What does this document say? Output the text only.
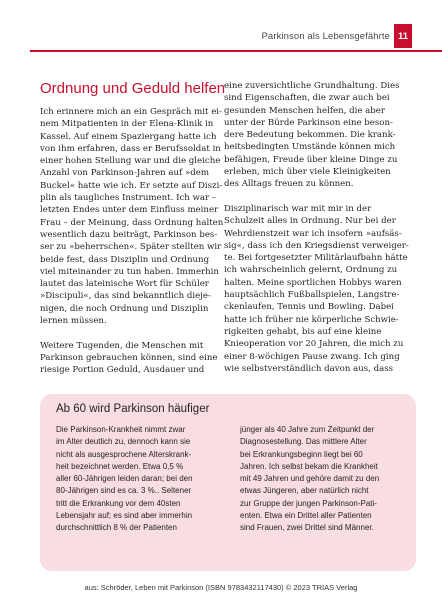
Parkinson als Lebensgefährte 11
Ordnung und Geduld helfen

Ich erinnere mich an ein Gespräch mit ei-
nem Mitpatienten in der Elena-Klinik in
Kassel. Auf einem Spaziergang hatte ich
von ihm erfahren, dass er Berufssoldat in
einer hohen Stellung war und die gleiche
Anzahl von Parkinson-Jahren auf »dem
Buckel« hatte wie ich. Er setzte auf Diszi-
plin als taugliches Instrument. Ich war –
letzten Endes unter dem Einfluss meiner
Frau – der Meinung, dass Ordnung halten
wesentlich dazu beiträgt, Parkinson bes-
ser zu »beherrschen«. Später stellten wir
beide fest, dass Disziplin und Ordnung
viel miteinander zu tun haben. Immerhin
lautet das lateinische Wort für Schüler
»Discipuli«, das sind bekanntlich dieje-
nigen, die noch Ordnung und Disziplin
lernen müssen.

Weitere Tugenden, die Menschen mit
Parkinson gebrauchen können, sind eine
riesige Portion Geduld, Ausdauer und

eine zuversichtliche Grundhaltung. Dies
sind Eigenschaften, die zwar auch bei
gesunden Menschen helfen, die aber
unter der Bürde Parkinson eine beson-
dere Bedeutung bekommen. Die krank-
heitsbedingten Umstände können mich
befähigen, Freude über kleine Dinge zu
erleben, mich über viele Kleinigkeiten
des Alltags freuen zu können.

Disziplinarisch war mit mir in der
Schulzeit alles in Ordnung. Nur bei der
Wehrdienstzeit war ich insofern »aufsäs-
sig«, dass ich den Kriegsdienst verweiger-
te. Bei fortgesetzter Militärlaufbahn hätte
ich wahrscheinlich gelernt, Ordnung zu
halten. Meine sportlichen Hobbys waren
hauptsächlich Fußballspielen, Langstre-
ckenlaufen, Tennis und Bowling. Dabei
hatte ich früher nie körperliche Schwie-
rigkeiten gehabt, bis auf eine kleine
Knieoperation vor 20 Jahren, die mich zu
einer 8-wöchigen Pause zwang. Ich ging
wie selbstverständlich davon aus, dass

Ab 60 wird Parkinson häufiger
Die Parkinson-Krankheit nimmt zwar
im Alter deutlich zu, dennoch kann sie
nicht als ausgesprochene Alterskrank-
heit bezeichnet werden. Etwa 0,5 %
aller 60-Jährigen leiden daran; bei den
80-Jährigen sind es ca. 3 %.. Seltener
tritt die Erkrankung vor dem 40sten
Lebensjahr auf; es sind aber immerhin
durchschnittlich 8 % der Patienten
jünger als 40 Jahre zum Zeitpunkt der
Diagnosestellung. Das mittlere Alter
bei Erkrankungsbeginn liegt bei 60
Jahren. Ich selbst bekam die Krankheit
mit 49 Jahren und gehöre damit zu den
etwas Jüngeren, aber natürlich nicht
zur Gruppe der jungen Parkinson-Pati-
enten. Etwa ein Drittel aller Patienten
sind Frauen, zwei Drittel sind Männer.
aus: Schröder, Leben mit Parkinson (ISBN 9783432117430) © 2023 TRIAS Verlag
